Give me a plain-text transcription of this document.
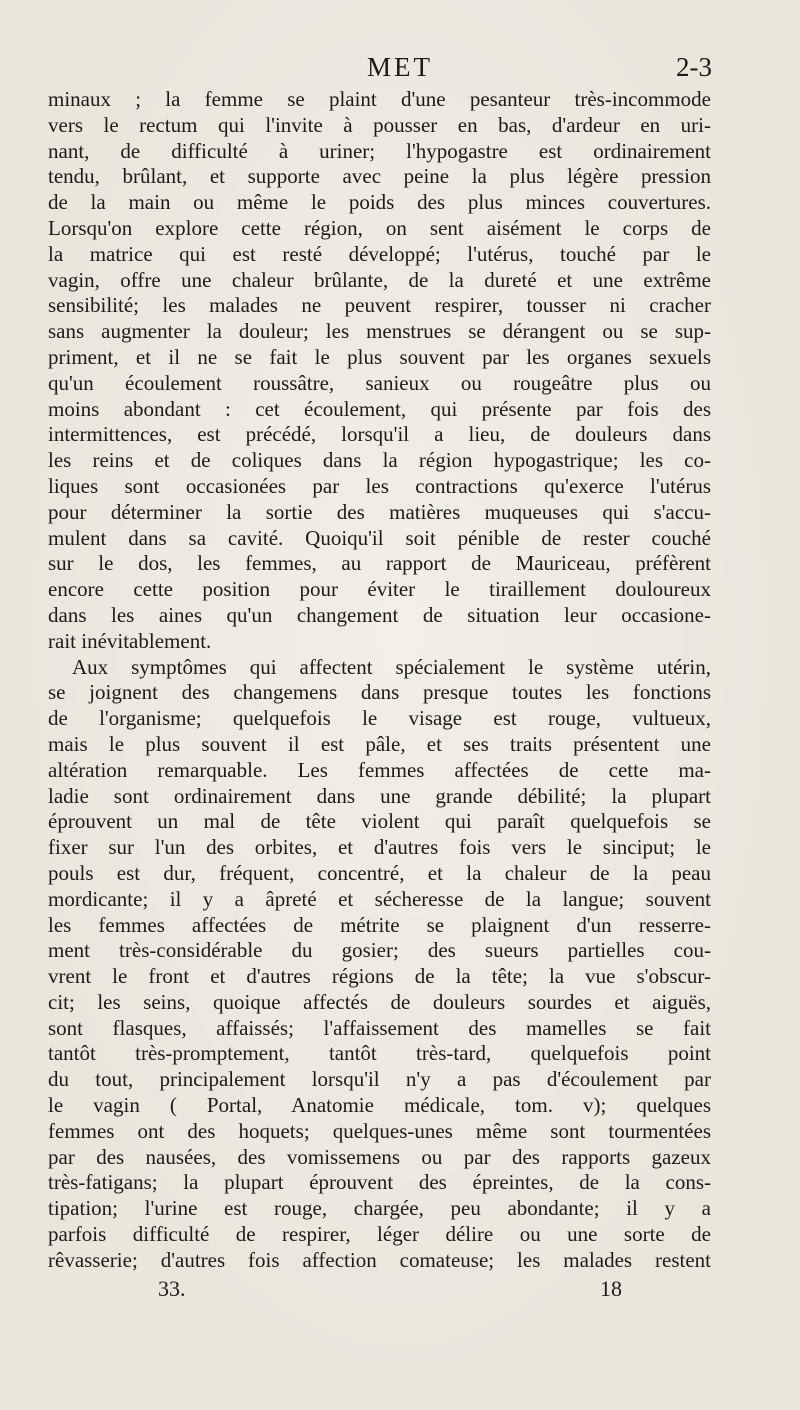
MET	2-3
minaux ; la femme se plaint d'une pesanteur très-incommode
vers le rectum qui l'invite à pousser en bas, d'ardeur en uri-
nant, de difficulté à uriner; l'hypogastre est ordinairement
tendu, brûlant, et supporte avec peine la plus légère pression
de la main ou même le poids des plus minces couvertures.
Lorsqu'on explore cette région, on sent aisément le corps de
la matrice qui est resté développé; l'utérus, touché par le
vagin, offre une chaleur brûlante, de la dureté et une extrême
sensibilité; les malades ne peuvent respirer, tousser ni cracher
sans augmenter la douleur; les menstrues se dérangent ou se sup-
priment, et il ne se fait le plus souvent par les organes sexuels
qu'un écoulement roussâtre, sanieux ou rougeâtre plus ou
moins abondant : cet écoulement, qui présente par fois des
intermittences, est précédé, lorsqu'il a lieu, de douleurs dans
les reins et de coliques dans la région hypogastrique; les co-
liques sont occasionées par les contractions qu'exerce l'utérus
pour déterminer la sortie des matières muqueuses qui s'accu-
mulent dans sa cavité. Quoiqu'il soit pénible de rester couché
sur le dos, les femmes, au rapport de Mauriceau, préfèrent
encore cette position pour éviter le tiraillement douloureux
dans les aines qu'un changement de situation leur occasione-
rait inévitablement.
Aux symptômes qui affectent spécialement le système utérin,
se joignent des changemens dans presque toutes les fonctions
de l'organisme; quelquefois le visage est rouge, vultueux,
mais le plus souvent il est pâle, et ses traits présentent une
altération remarquable. Les femmes affectées de cette ma-
ladie sont ordinairement dans une grande débilité; la plupart
éprouvent un mal de tête violent qui paraît quelquefois se
fixer sur l'un des orbites, et d'autres fois vers le sinciput; le
pouls est dur, fréquent, concentré, et la chaleur de la peau
mordicante; il y a âpreté et sécheresse de la langue; souvent
les femmes affectées de métrite se plaignent d'un resserre-
ment très-considérable du gosier; des sueurs partielles cou-
vrent le front et d'autres régions de la tête; la vue s'obscur-
cit; les seins, quoique affectés de douleurs sourdes et aiguës,
sont flasques, affaissés; l'affaissement des mamelles se fait
tantôt très-promptement, tantôt très-tard, quelquefois point
du tout, principalement lorsqu'il n'y a pas d'écoulement par
le vagin ( Portal, Anatomie médicale, tom. v); quelques
femmes ont des hoquets; quelques-unes même sont tourmentées
par des nausées, des vomissemens ou par des rapports gazeux
très-fatigans; la plupart éprouvent des épreintes, de la cons-
tipation; l'urine est rouge, chargée, peu abondante; il y a
parfois difficulté de respirer, léger délire ou une sorte de
rêvasserie; d'autres fois affection comateuse; les malades restent
33.	18
